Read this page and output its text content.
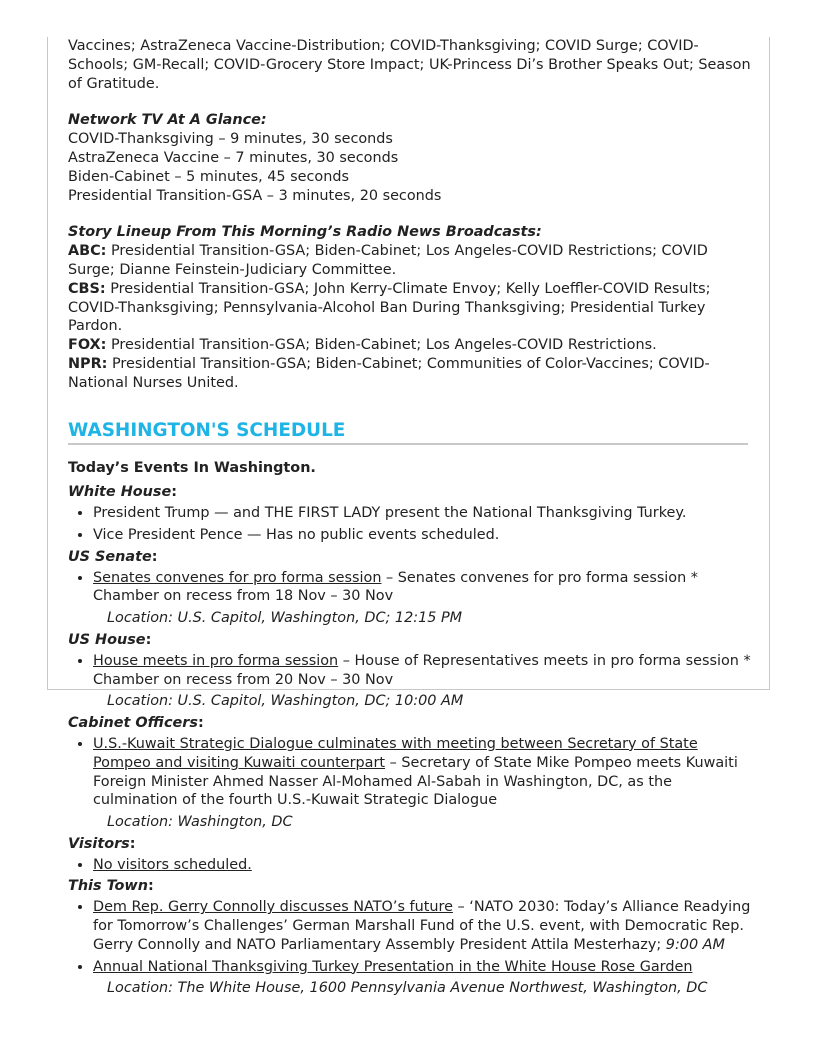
Vaccines; AstraZeneca Vaccine-Distribution; COVID-Thanksgiving; COVID Surge; COVID-Schools; GM-Recall; COVID-Grocery Store Impact; UK-Princess Di’s Brother Speaks Out; Season of Gratitude.

Network TV At A Glance:

COVID-Thanksgiving – 9 minutes, 30 seconds

AstraZeneca Vaccine – 7 minutes, 30 seconds

Biden-Cabinet – 5 minutes, 45 seconds

Presidential Transition-GSA – 3 minutes, 20 seconds

Story Lineup From This Morning’s Radio News Broadcasts:

ABC: Presidential Transition-GSA; Biden-Cabinet; Los Angeles-COVID Restrictions; COVID Surge; Dianne Feinstein-Judiciary Committee.

CBS: Presidential Transition-GSA; John Kerry-Climate Envoy; Kelly Loeffler-COVID Results; COVID-Thanksgiving; Pennsylvania-Alcohol Ban During Thanksgiving; Presidential Turkey Pardon.

FOX: Presidential Transition-GSA; Biden-Cabinet; Los Angeles-COVID Restrictions.

NPR: Presidential Transition-GSA; Biden-Cabinet; Communities of Color-Vaccines; COVID-National Nurses United.

WASHINGTON'S SCHEDULE

Today’s Events In Washington.

White House:

• President Trump — and THE FIRST LADY present the National Thanksgiving Turkey.
• Vice President Pence — Has no public events scheduled.

US Senate:

• Senates convenes for pro forma session – Senates convenes for pro forma session * Chamber on recess from 18 Nov – 30 Nov

Location: U.S. Capitol, Washington, DC; 12:15 PM

US House:

• House meets in pro forma session – House of Representatives meets in pro forma session * Chamber on recess from 20 Nov – 30 Nov

Location: U.S. Capitol, Washington, DC; 10:00 AM

Cabinet Officers:

• U.S.-Kuwait Strategic Dialogue culminates with meeting between Secretary of State Pompeo and visiting Kuwaiti counterpart – Secretary of State Mike Pompeo meets Kuwaiti Foreign Minister Ahmed Nasser Al-Mohamed Al-Sabah in Washington, DC, as the culmination of the fourth U.S.-Kuwait Strategic Dialogue

Location: Washington, DC

Visitors:

• No visitors scheduled.

This Town:

• Dem Rep. Gerry Connolly discusses NATO’s future – ‘NATO 2030: Today’s Alliance Readying for Tomorrow’s Challenges’ German Marshall Fund of the U.S. event, with Democratic Rep. Gerry Connolly and NATO Parliamentary Assembly President Attila Mesterhazy; 9:00 AM
• Annual National Thanksgiving Turkey Presentation in the White House Rose Garden

Location: The White House, 1600 Pennsylvania Avenue Northwest, Washington, DC
